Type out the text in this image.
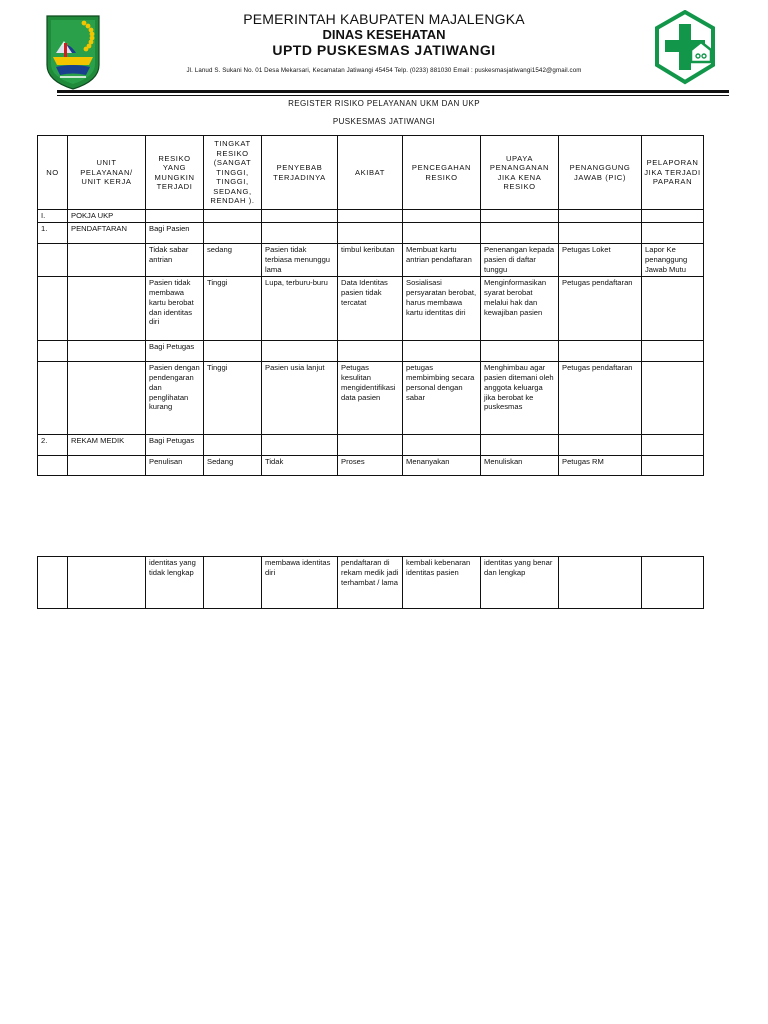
PEMERINTAH KABUPATEN MAJALENGKA
DINAS KESEHATAN
UPTD PUSKESMAS JATIWANGI
Jl. Lanud S. Sukani No. 01 Desa Mekarsari, Kecamatan Jatiwangi 45454 Telp. (0233) 881030 Email : puskesmasjatiwangi1542@gmail.com
REGISTER RISIKO PELAYANAN UKM DAN UKP
PUSKESMAS JATIWANGI
NO	UNIT PELAYANAN/ UNIT KERJA	RESIKO YANG MUNGKIN TERJADI	TINGKAT RESIKO (SANGAT TINGGI, TINGGI, SEDANG, RENDAH ).	PENYEBAB TERJADINYA	AKIBAT	PENCEGAHAN RESIKO	UPAYA PENANGANAN JIKA KENA RESIKO	PENANGGUNG JAWAB (PIC)	PELAPORAN JIKA TERJADI PAPARAN
I.	POKJA UKP								
1.	PENDAFTARAN	Bagi Pasien							
		Tidak sabar antrian	sedang	Pasien tidak terbiasa menunggu lama	timbul keributan	Membuat kartu antrian pendaftaran	Penenangan kepada pasien di daftar tunggu	Petugas Loket	Lapor Ke penanggung Jawab Mutu
		Pasien tidak membawa kartu berobat dan identitas diri	Tinggi	Lupa, terburu-buru	Data Identitas pasien tidak tercatat	Sosialisasi persyaratan berobat, harus membawa kartu identitas diri	Menginformasikan syarat berobat melalui hak dan kewajiban pasien	Petugas pendaftaran	
		Bagi Petugas							
		Pasien dengan pendengaran dan penglihatan kurang	Tinggi	Pasien usia lanjut	Petugas kesulitan mengidentifikasi data pasien	petugas membimbing secara personal dengan sabar	Menghimbau agar pasien ditemani oleh anggota keluarga jika berobat ke puskesmas	Petugas pendaftaran	
2.	REKAM MEDIK	Bagi Petugas							
		Penulisan	Sedang	Tidak	Proses	Menanyakan	Menuliskan	Petugas RM	
		identitas yang tidak lengkap		membawa identitas diri	pendaftaran di rekam medik jadi terhambat / lama	kembali kebenaran identitas pasien	identitas yang benar dan lengkap		
